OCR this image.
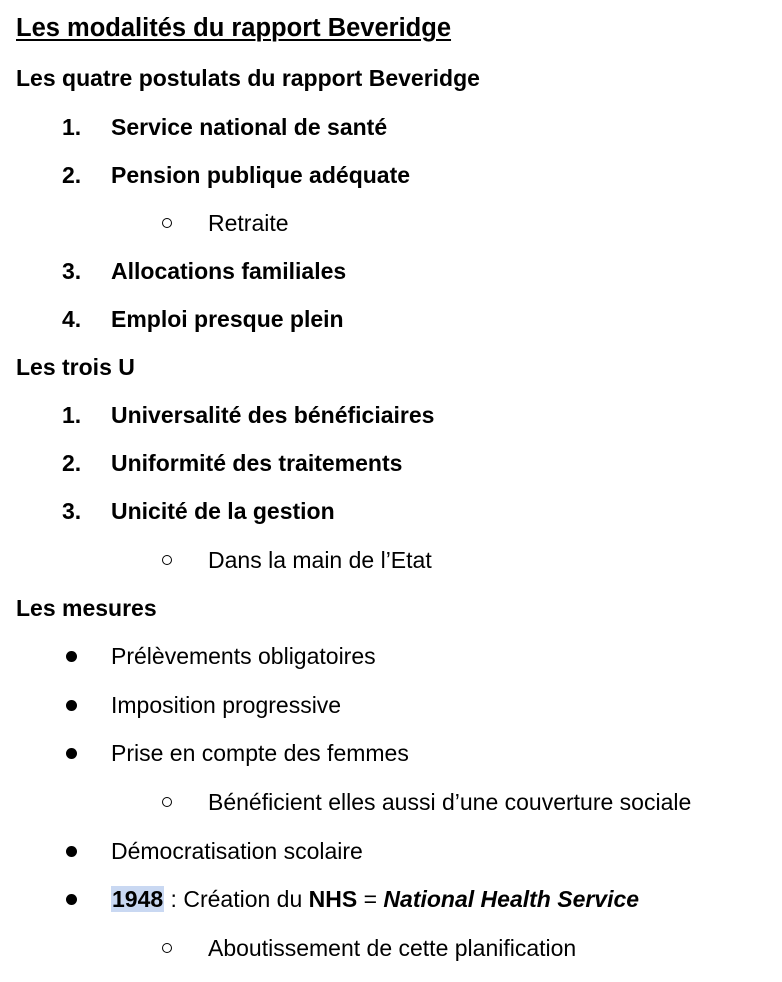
Les modalités du rapport Beveridge
Les quatre postulats du rapport Beveridge
1. Service national de santé
2. Pension publique adéquate
Retraite
3. Allocations familiales
4. Emploi presque plein
Les trois U
1. Universalité des bénéficiaires
2. Uniformité des traitements
3. Unicité de la gestion
Dans la main de l’Etat
Les mesures
Prélèvements obligatoires
Imposition progressive
Prise en compte des femmes
Bénéficient elles aussi d’une couverture sociale
Démocratisation scolaire
1948 : Création du NHS = National Health Service
Aboutissement de cette planification
